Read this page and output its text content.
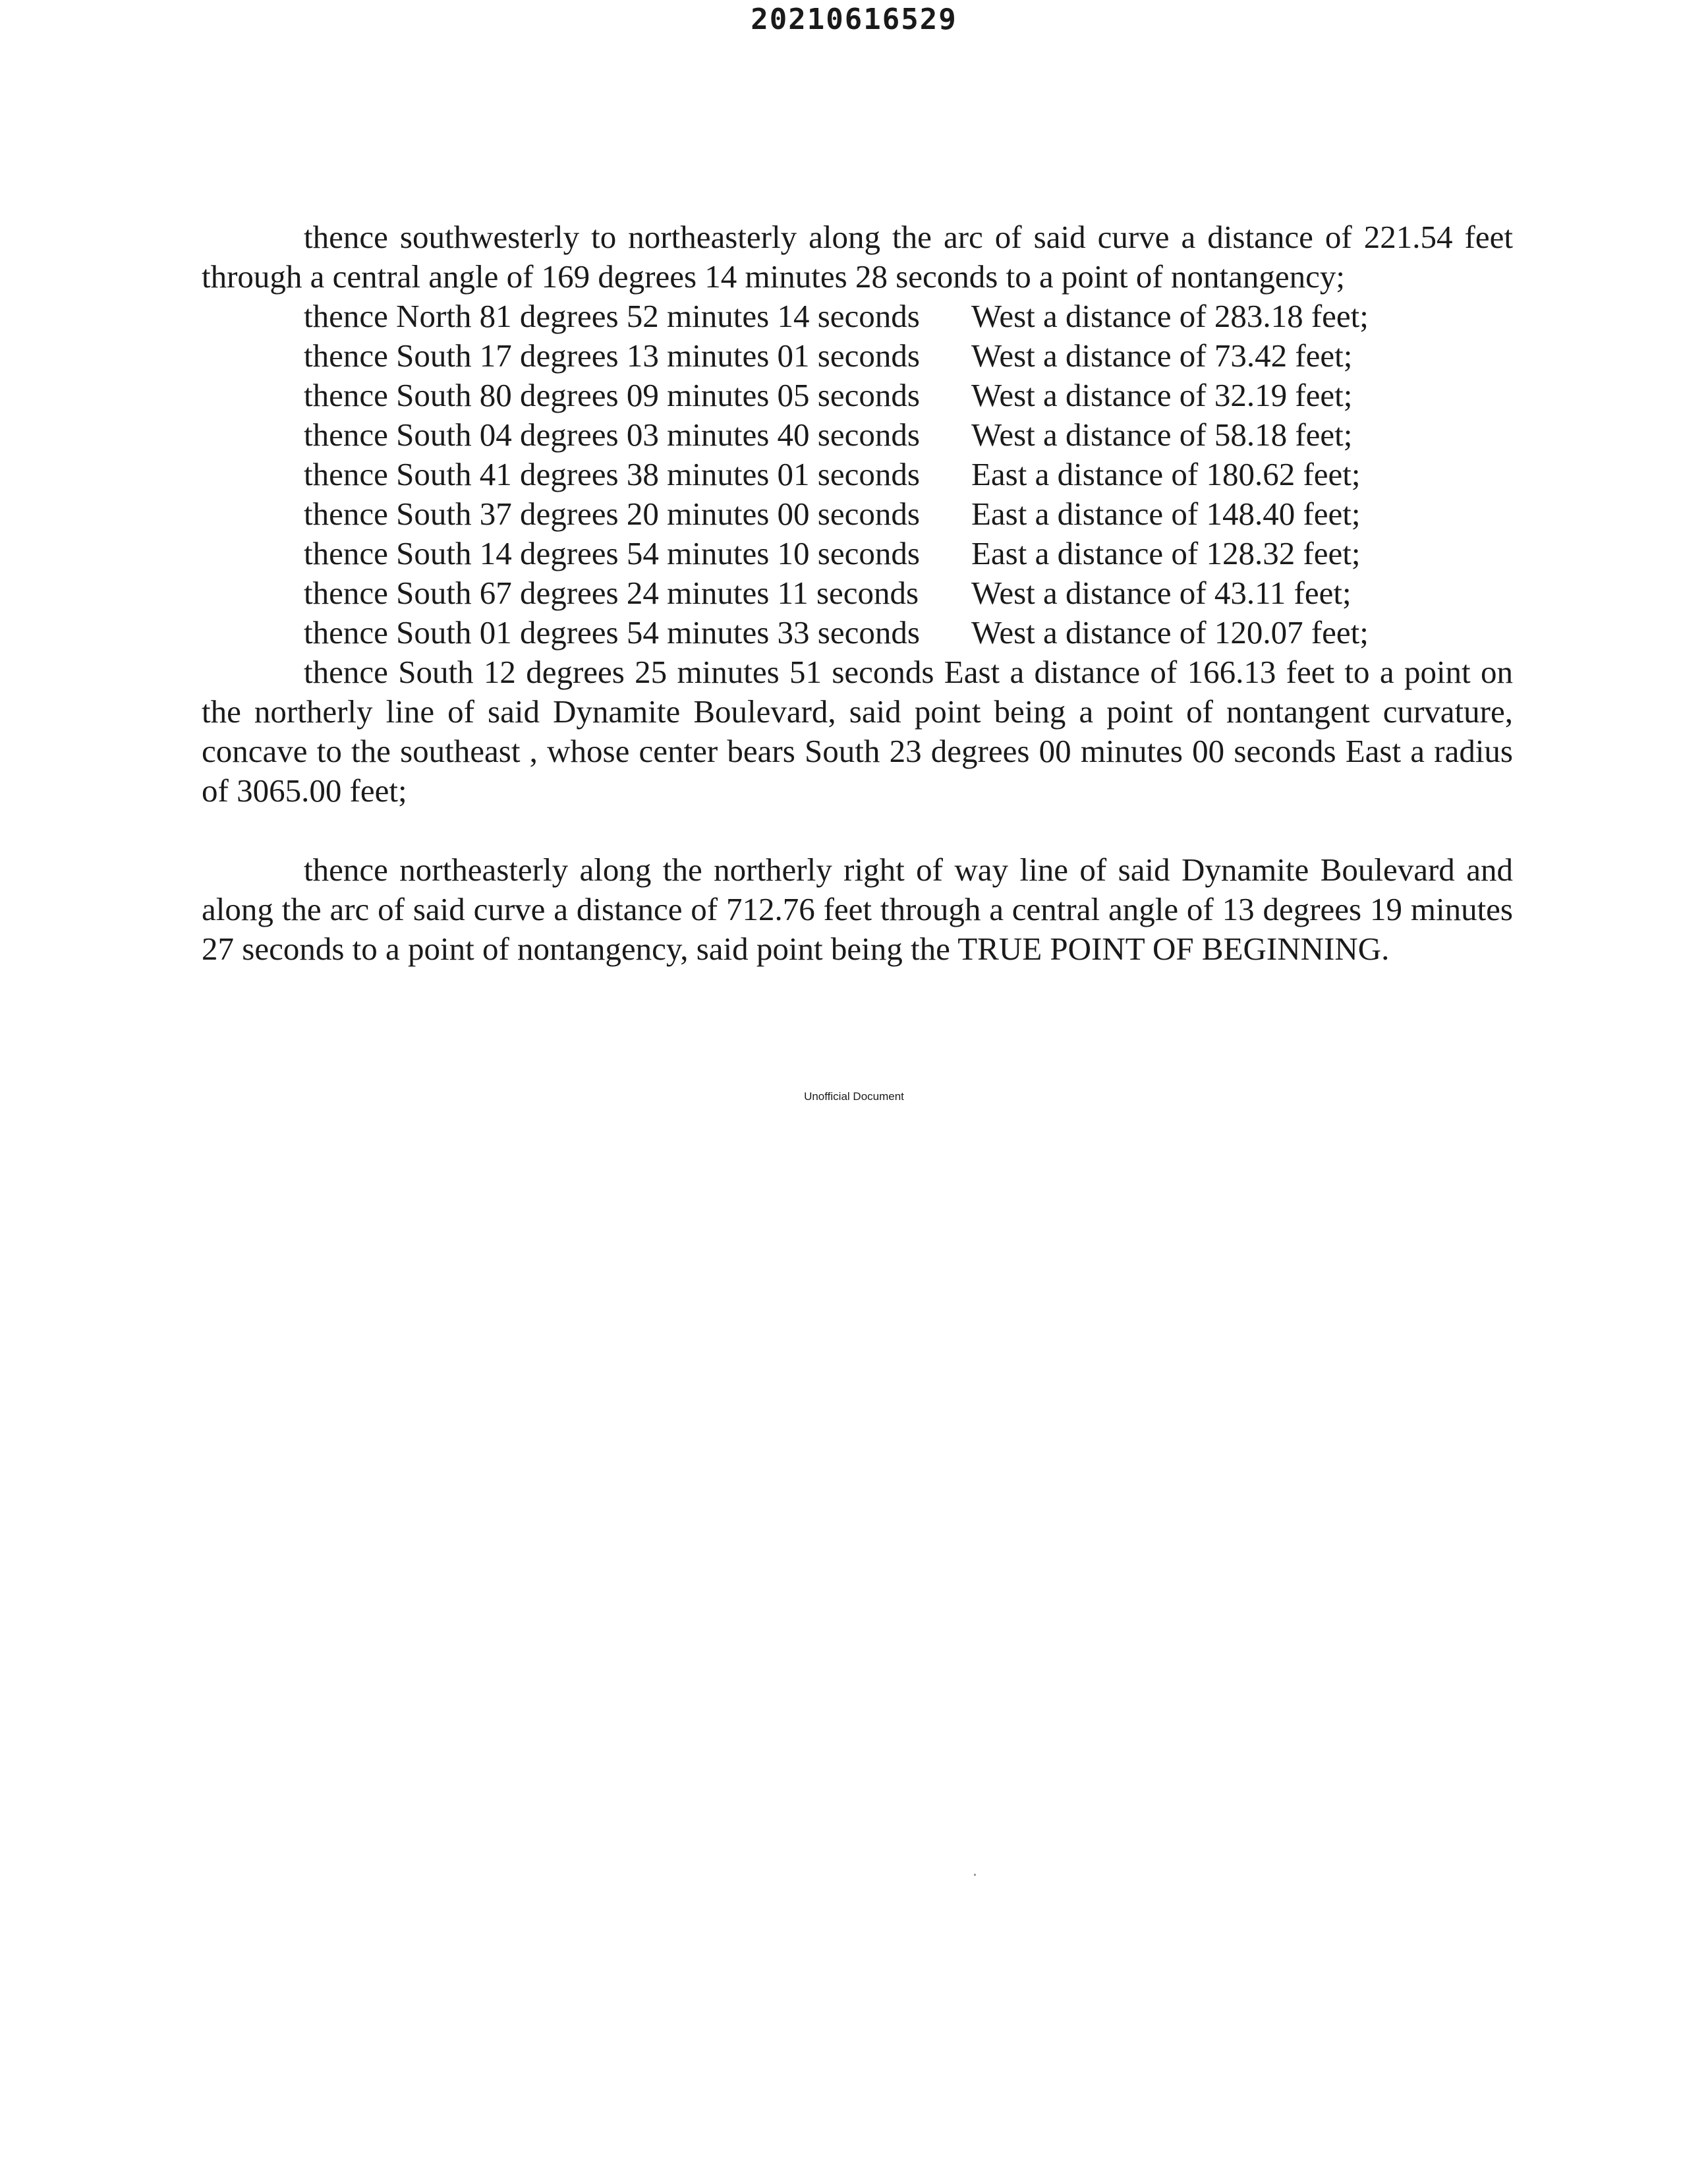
20210616529

thence southwesterly to northeasterly along the arc of said curve a distance of 221.54 feet through a central angle of 169 degrees 14 minutes 28 seconds to a point of nontangency;

thence North 81 degrees 52 minutes 14 seconds West a distance of 283.18 feet;
thence South 17 degrees 13 minutes 01 seconds West a distance of 73.42 feet;
thence South 80 degrees 09 minutes 05 seconds West a distance of 32.19 feet;
thence South 04 degrees 03 minutes 40 seconds West a distance of 58.18 feet;
thence South 41 degrees 38 minutes 01 seconds East a distance of 180.62 feet;
thence South 37 degrees 20 minutes 00 seconds East a distance of 148.40 feet;
thence South 14 degrees 54 minutes 10 seconds East a distance of 128.32 feet;
thence South 67 degrees 24 minutes 11 seconds West a distance of 43.11 feet;
thence South 01 degrees 54 minutes 33 seconds West a distance of 120.07 feet;

thence South 12 degrees 25 minutes 51 seconds East a distance of 166.13 feet to a point on the northerly line of said Dynamite Boulevard, said point being a point of nontangent curvature, concave to the southeast , whose center bears South 23 degrees 00 minutes 00 seconds East a radius of 3065.00 feet;

thence northeasterly along the northerly right of way line of said Dynamite Boulevard and along the arc of said curve a distance of 712.76 feet through a central angle of 13 degrees 19 minutes 27 seconds to a point of nontangency, said point being the TRUE POINT OF BEGINNING.

Unofficial Document
